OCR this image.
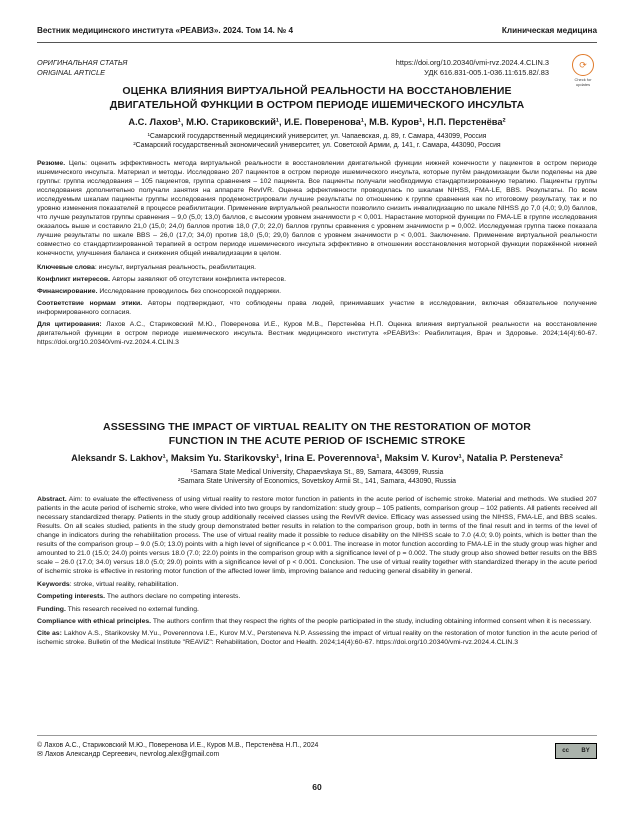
Вестник медицинского института «РЕАВИЗ». 2024. Том 14. № 4	Клиническая медицина
ОРИГИНАЛЬНАЯ СТАТЬЯ
ORIGINAL ARTICLE
https://doi.org/10.20340/vmi-rvz.2024.4.CLIN.3
УДК 616.831-005.1-036.11:615.82/.83
⟳
Check for
updates
ОЦЕНКА ВЛИЯНИЯ ВИРТУАЛЬНОЙ РЕАЛЬНОСТИ НА ВОССТАНОВЛЕНИЕ ДВИГАТЕЛЬНОЙ ФУНКЦИИ В ОСТРОМ ПЕРИОДЕ ИШЕМИЧЕСКОГО ИНСУЛЬТА
А.С. Лахов¹, М.Ю. Стариковский¹, И.Е. Поверенова¹, М.В. Куров¹, Н.П. Перстенёва²
¹Самарский государственный медицинский университет, ул. Чапаевская, д. 89, г. Самара, 443099, Россия
²Самарский государственный экономический университет, ул. Советской Армии, д. 141, г. Самара, 443090, Россия

Резюме. Цель: оценить эффективность метода виртуальной реальности в восстановлении двигательной функции нижней конечности у пациентов в остром периоде ишемического инсульта. Материал и методы. Исследовано 207 пациентов в остром периоде ишемического инсульта, которые путём рандомизации были поделены на две группы: группа исследования – 105 пациентов, группа сравнения – 102 пациента. Все пациенты получали необходимую стандартизированную терапию. Пациенты группы исследования дополнительно получали занятия на аппарате RevIVR. Оценка эффективности проводилась по шкалам NIHSS, FMA-LE, BBS. Результаты. По всем исследуемым шкалам пациенты группы исследования продемонстрировали лучшие результаты по отношению к группе сравнения как по итоговому результату, так и по уровню изменения показателей в процессе реабилитации. Применение виртуальной реальности позволило снизить инвалидизацию по шкале NIHSS до 7,0 (4,0; 9,0) баллов, что лучше результатов группы сравнения – 9,0 (5,0; 13,0) баллов, с высоким уровнем значимости p < 0,001. Нарастание моторной функции по FMA-LE в группе исследования оказалось выше и составило 21,0 (15,0; 24,0) баллов против 18,0 (7,0; 22,0) баллов группы сравнения с уровнем значимости p = 0,002. Исследуемая группа также показала лучшие результаты по шкале BBS – 26,0 (17,0; 34,0) против 18,0 (5,0; 29,0) баллов с уровнем значимости p < 0,001. Заключение. Применение виртуальной реальности совместно со стандартизированной терапией в остром периоде ишемического инсульта эффективно в отношении восстановления моторной функции поражённой нижней конечности, улучшения баланса и снижения общей инвалидизации в целом.

Ключевые слова: инсульт, виртуальная реальность, реабилитация.

Конфликт интересов. Авторы заявляют об отсутствии конфликта интересов.

Финансирование. Исследование проводилось без спонсорской поддержки.

Соответствие нормам этики. Авторы подтверждают, что соблюдены права людей, принимавших участие в исследовании, включая обязательное получение информированного согласия.

Для цитирования: Лахов А.С., Стариковский М.Ю., Поверенова И.Е., Куров М.В., Перстенёва Н.П. Оценка влияния виртуальной реальности на восстановление двигательной функции в остром периоде ишемического инсульта. Вестник медицинского института «РЕАВИЗ»: Реабилитация, Врач и Здоровье. 2024;14(4):60-67. https://doi.org/10.20340/vmi-rvz.2024.4.CLIN.3

ASSESSING THE IMPACT OF VIRTUAL REALITY ON THE RESTORATION OF MOTOR FUNCTION IN THE ACUTE PERIOD OF ISCHEMIC STROKE
Aleksandr S. Lakhov¹, Maksim Yu. Starikovsky¹, Irina E. Poverennova¹, Maksim V. Kurov¹, Natalia P. Persteneva²
¹Samara State Medical University, Chapaevskaya St., 89, Samara, 443099, Russia
²Samara State University of Economics, Sovetskoy Armii St., 141, Samara, 443090, Russia

Abstract. Aim: to evaluate the effectiveness of using virtual reality to restore motor function in patients in the acute period of ischemic stroke. Material and methods. We studied 207 patients in the acute period of ischemic stroke, who were divided into two groups by randomization: study group – 105 patients, comparison group – 102 patients. All patients received all necessary standardized therapy. Patients in the study group additionally received classes using the RevIVR device. Efficacy was assessed using the NIHSS, FMA-LE, and BBS scales. Results. On all scales studied, patients in the study group demonstrated better results in relation to the comparison group, both in terms of the final result and in terms of the level of change in indicators during the rehabilitation process. The use of virtual reality made it possible to reduce disability on the NIHSS scale to 7.0 (4.0; 9.0) points, which is better than the results of the comparison group – 9.0 (5.0; 13.0) points with a high level of significance p < 0.001. The increase in motor function according to FMA-LE in the study group was higher and amounted to 21.0 (15.0; 24.0) points versus 18.0 (7.0; 22.0) points in the comparison group with a significance level of p = 0.002. The study group also showed better results on the BBS scale – 26.0 (17.0; 34.0) versus 18.0 (5.0; 29.0) points with a significance level of p < 0.001. Conclusion. The use of virtual reality together with standardized therapy in the acute period of ischemic stroke is effective in restoring motor function of the affected lower limb, improving balance and reducing general disability in general.

Keywords: stroke, virtual reality, rehabilitation.

Competing interests. The authors declare no competing interests.

Funding. This research received no external funding.

Compliance with ethical principles. The authors confirm that they respect the rights of the people participated in the study, including obtaining informed consent when it is necessary.

Cite as: Lakhov A.S., Starikovsky M.Yu., Poverennova I.E., Kurov M.V., Persteneva N.P. Assessing the impact of virtual reality on the restoration of motor function in the acute period of ischemic stroke. Bulletin of the Medical Institute "REAVIZ": Rehabilitation, Doctor and Health. 2024;14(4):60-67. https://doi.org/10.20340/vmi-rvz.2024.4.CLIN.3

© Лахов А.С., Стариковский М.Ю., Поверенова И.Е., Куров М.В., Перстенёва Н.П., 2024
✉ Лахов Александр Сергеевич, nevrolog.alex@gmail.com
cc BY
60
